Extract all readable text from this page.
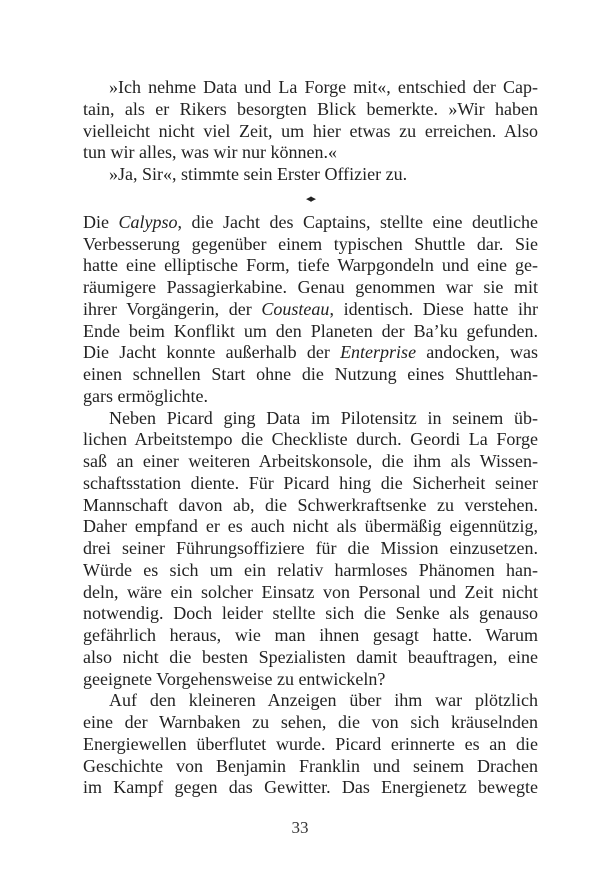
»Ich nehme Data und La Forge mit«, entschied der Cap-
tain, als er Rikers besorgten Blick bemerkte. »Wir haben
vielleicht nicht viel Zeit, um hier etwas zu erreichen. Also
tun wir alles, was wir nur können.«
»Ja, Sir«, stimmte sein Erster Offizier zu.
◂▸
Die Calypso, die Jacht des Captains, stellte eine deutliche
Verbesserung gegenüber einem typischen Shuttle dar. Sie
hatte eine elliptische Form, tiefe Warpgondeln und eine ge-
räumigere Passagierkabine. Genau genommen war sie mit
ihrer Vorgängerin, der Cousteau, identisch. Diese hatte ihr
Ende beim Konflikt um den Planeten der Ba’ku gefunden.
Die Jacht konnte außerhalb der Enterprise andocken, was
einen schnellen Start ohne die Nutzung eines Shuttlehan-
gars ermöglichte.
Neben Picard ging Data im Pilotensitz in seinem üb-
lichen Arbeitstempo die Checkliste durch. Geordi La Forge
saß an einer weiteren Arbeitskonsole, die ihm als Wissen-
schaftsstation diente. Für Picard hing die Sicherheit seiner
Mannschaft davon ab, die Schwerkraftsenke zu verstehen.
Daher empfand er es auch nicht als übermäßig eigennützig,
drei seiner Führungsoffiziere für die Mission einzusetzen.
Würde es sich um ein relativ harmloses Phänomen han-
deln, wäre ein solcher Einsatz von Personal und Zeit nicht
notwendig. Doch leider stellte sich die Senke als genauso
gefährlich heraus, wie man ihnen gesagt hatte. Warum
also nicht die besten Spezialisten damit beauftragen, eine
geeignete Vorgehensweise zu entwickeln?
Auf den kleineren Anzeigen über ihm war plötzlich
eine der Warnbaken zu sehen, die von sich kräuselnden
Energiewellen überflutet wurde. Picard erinnerte es an die
Geschichte von Benjamin Franklin und seinem Drachen
im Kampf gegen das Gewitter. Das Energienetz bewegte
33
